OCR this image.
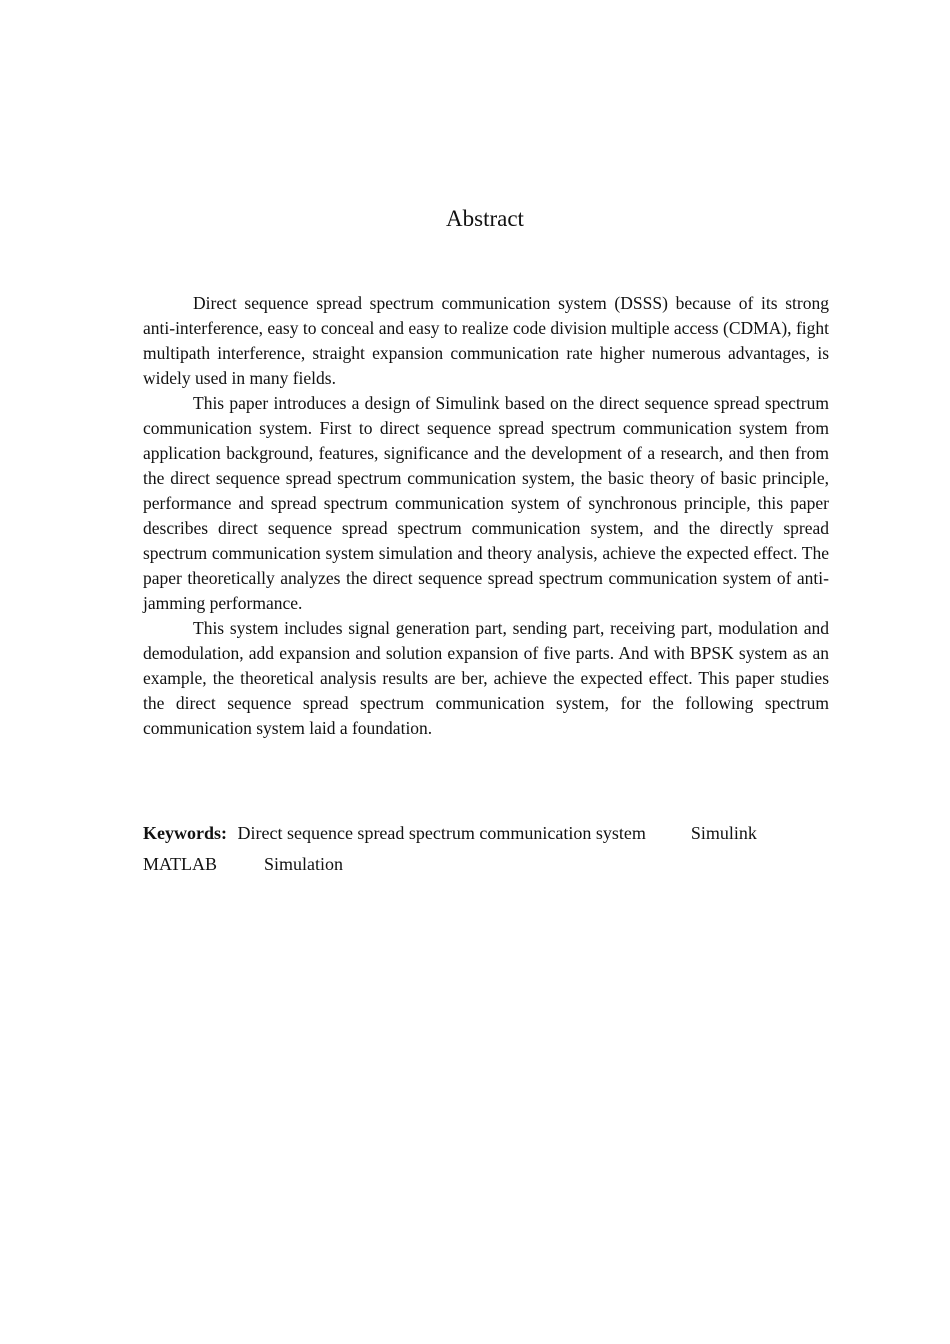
Abstract

Direct sequence spread spectrum communication system (DSSS) because of its strong anti-interference, easy to conceal and easy to realize code division multiple access (CDMA), fight multipath interference, straight expansion communication rate higher numerous advantages, is widely used in many fields.

This paper introduces a design of Simulink based on the direct sequence spread spectrum communication system. First to direct sequence spread spectrum communication system from application background, features, significance and the development of a research, and then from the direct sequence spread spectrum communication system, the basic theory of basic principle, performance and spread spectrum communication system of synchronous principle, this paper describes direct sequence spread spectrum communication system, and the directly spread spectrum communication system simulation and theory analysis, achieve the expected effect. The paper theoretically analyzes the direct sequence spread spectrum communication system of anti-jamming performance.

This system includes signal generation part, sending part, receiving part, modulation and demodulation, add expansion and solution expansion of five parts. And with BPSK system as an example, the theoretical analysis results are ber, achieve the expected effect. This paper studies the direct sequence spread spectrum communication system, for the following spectrum communication system laid a foundation.

Keywords: Direct sequence spread spectrum communication system	Simulink
MATLAB	Simulation
